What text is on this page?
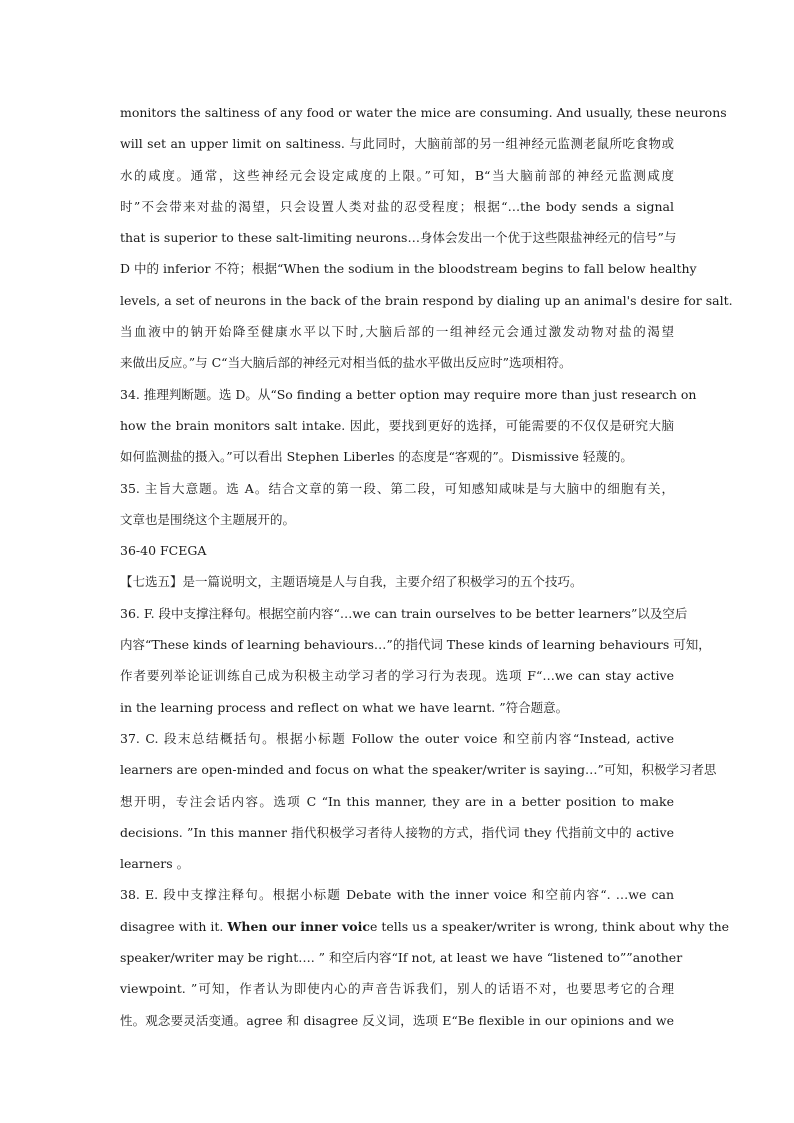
monitors the saltiness of any food or water the mice are consuming. And usually, these neurons
will set an upper limit on saltiness. 与此同时，大脑前部的另一组神经元监测老鼠所吃食物或
水的咸度。通常，这些神经元会设定咸度的上限。”可知，B“当大脑前部的神经元监测咸度
时”不会带来对盐的渴望，只会设置人类对盐的忍受程度；根据“…the body sends a signal
that is superior to these salt-limiting neurons…身体会发出一个优于这些限盐神经元的信号”与
D 中的 inferior 不符；根据“When the sodium in the bloodstream begins to fall below healthy
levels, a set of neurons in the back of the brain respond by dialing up an animal's desire for salt.
当血液中的钠开始降至健康水平以下时,大脑后部的一组神经元会通过激发动物对盐的渴望
来做出反应。”与 C“当大脑后部的神经元对相当低的盐水平做出反应时”选项相符。
34. 推理判断题。选 D。从“So finding a better option may require more than just research on
how the brain monitors salt intake. 因此，要找到更好的选择，可能需要的不仅仅是研究大脑
如何监测盐的摄入。”可以看出 Stephen Liberles 的态度是“客观的”。Dismissive 轻蔑的。
35. 主旨大意题。选 A。结合文章的第一段、第二段，可知感知咸味是与大脑中的细胞有关，
文章也是围绕这个主题展开的。
36-40 FCEGA
【七选五】是一篇说明文，主题语境是人与自我，主要介绍了积极学习的五个技巧。
36. F. 段中支撑注释句。根据空前内容“…we can train ourselves to be better learners”以及空后
内容“These kinds of learning behaviours…”的指代词 These kinds of learning behaviours 可知，
作者要列举论证训练自己成为积极主动学习者的学习行为表现。选项 F“…we can stay active
in the learning process and reflect on what we have learnt. ”符合题意。
37. C. 段末总结概括句。根据小标题 Follow the outer voice 和空前内容“Instead, active
learners are open-minded and focus on what the speaker/writer is saying…”可知，积极学习者思
想开明，专注会话内容。选项 C “In this manner, they are in a better position to make
decisions. ”In this manner 指代积极学习者待人接物的方式，指代词 they 代指前文中的 active
learners 。
38. E. 段中支撑注释句。根据小标题 Debate with the inner voice 和空前内容“. …we can
disagree with it. When our inner voice tells us a speaker/writer is wrong, think about why the
speaker/writer may be right…. ” 和空后内容“If not, at least we have “listened to””another
viewpoint. ”可知，作者认为即使内心的声音告诉我们，别人的话语不对，也要思考它的合理
性。观念要灵活变通。agree 和 disagree 反义词，选项 E“Be flexible in our opinions and we
